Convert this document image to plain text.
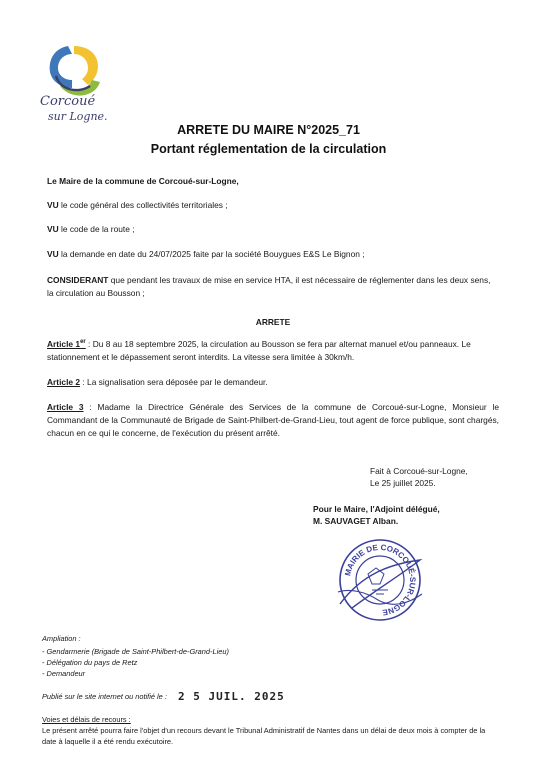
Corcoué
sur Logne.
ARRETE DU MAIRE N°2025_71
Portant réglementation de la circulation
Le Maire de la commune de Corcoué-sur-Logne,
VU le code général des collectivités territoriales ;
VU le code de la route ;
VU la demande en date du 24/07/2025 faite par la société Bouygues E&S Le Bignon ;
CONSIDERANT que pendant les travaux de mise en service HTA, il est nécessaire de réglementer dans les deux sens, la circulation au Bousson ;
ARRETE
Article 1er : Du 8 au 18 septembre 2025, la circulation au Bousson se fera par alternat manuel et/ou panneaux. Le stationnement et le dépassement seront interdits. La vitesse sera limitée à 30km/h.
Article 2 : La signalisation sera déposée par le demandeur.
Article 3 : Madame la Directrice Générale des Services de la commune de Corcoué-sur-Logne, Monsieur le Commandant de la Communauté de Brigade de Saint-Philbert-de-Grand-Lieu, tout agent de force publique, sont chargés, chacun en ce qui le concerne, de l'exécution du présent arrêté.
Fait à Corcoué-sur-Logne,
Le 25 juillet 2025.
Pour le Maire, l'Adjoint délégué,
M. SAUVAGET Alban.
MAIRIE DE CORCOUÉ-SUR-LOGNE
Ampliation :
- Gendarmerie (Brigade de Saint-Philbert-de-Grand-Lieu)
- Délégation du pays de Retz
- Demandeur
Publié sur le site internet ou notifié le : 2 5 JUIL. 2025
Voies et délais de recours :
Le présent arrêté pourra faire l'objet d'un recours devant le Tribunal Administratif de Nantes dans un délai de deux mois à compter de la date à laquelle il a été rendu exécutoire.
